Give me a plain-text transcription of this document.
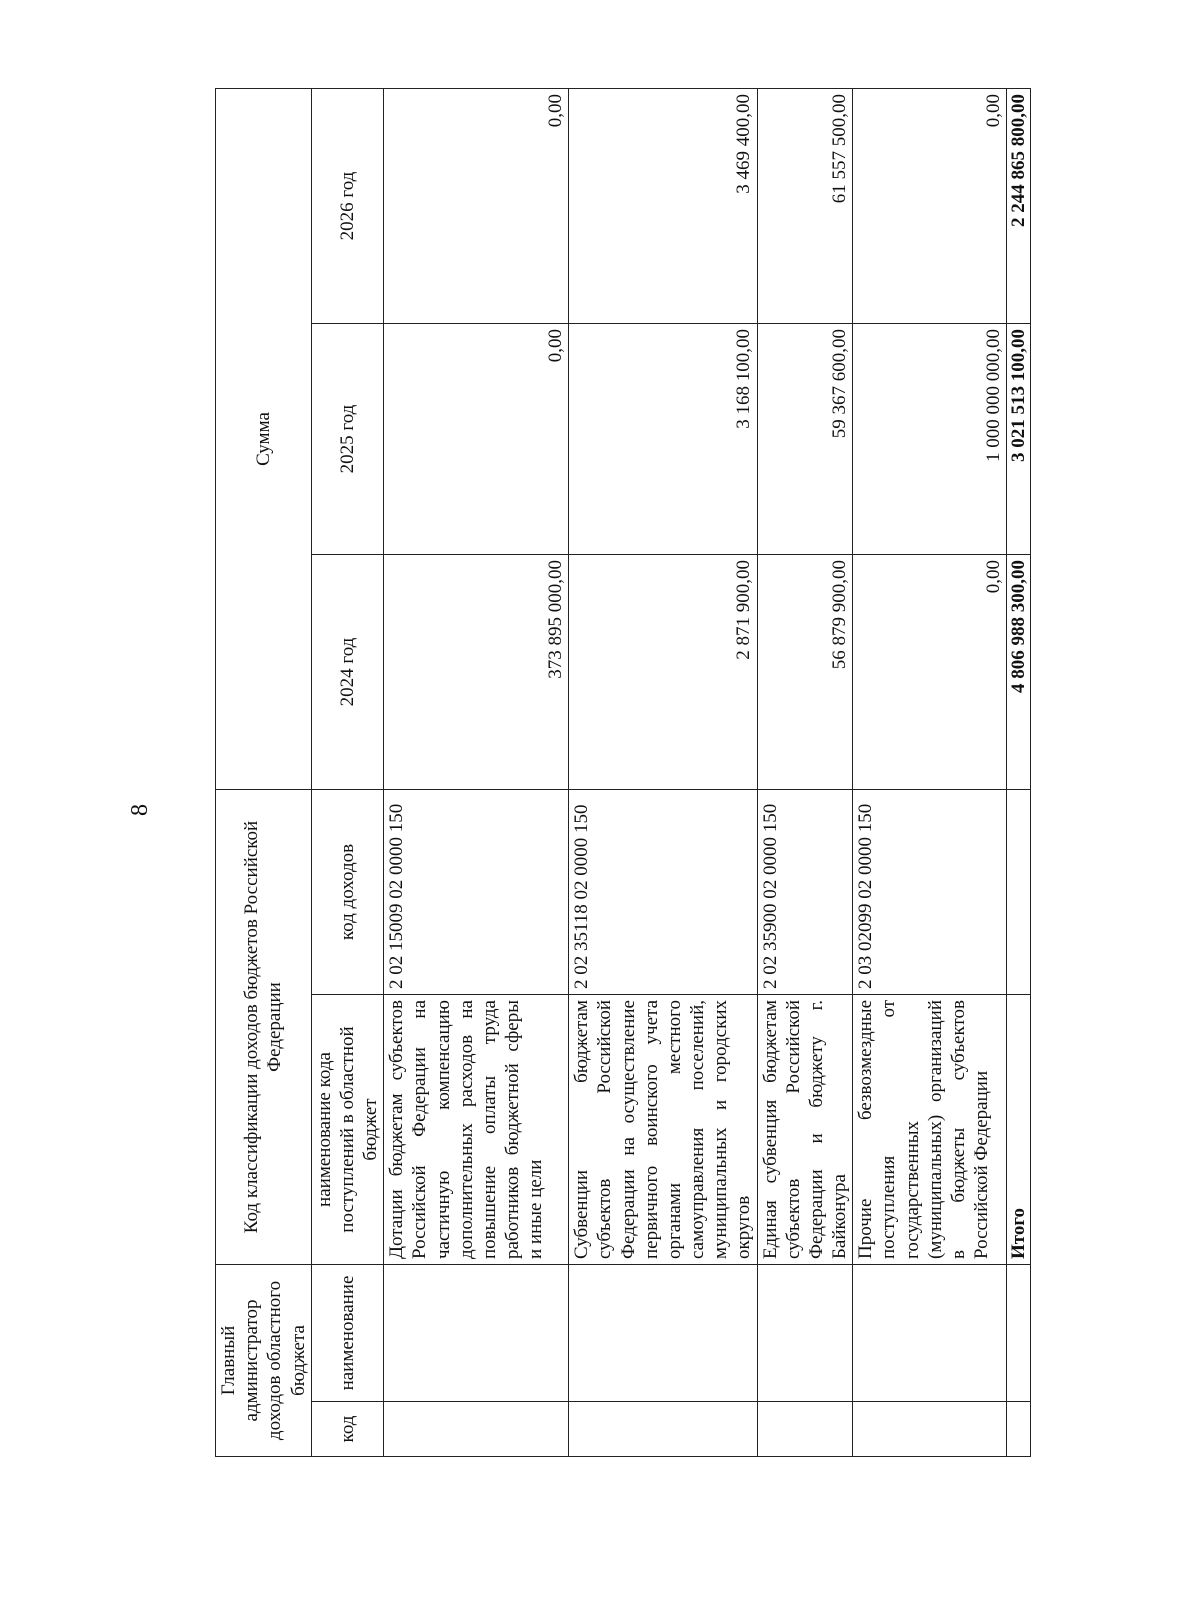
8
Главный администратор доходов областного бюджета		Код классификации доходов бюджетов Российской Федерации		Сумма		
код	наименование	наименование кода поступлений в областной бюджет	код доходов	2024 год	2025 год	2026 год
		Дотации бюджетам субъектов Российской Федерации на частичную компенсацию дополнительных расходов на повышение оплаты труда работников бюджетной сферы и иные цели	2 02 15009 02 0000 150	373 895 000,00	0,00	0,00
		Субвенции бюджетам субъектов Российской Федерации на осуществление первичного воинского учета органами местного самоуправления поселений, муниципальных и городских округов	2 02 35118 02 0000 150	2 871 900,00	3 168 100,00	3 469 400,00
		Единая субвенция бюджетам субъектов Российской Федерации и бюджету г. Байконура	2 02 35900 02 0000 150	56 879 900,00	59 367 600,00	61 557 500,00
		Прочие безвозмездные поступления от государственных (муниципальных) организаций в бюджеты субъектов Российской Федерации	2 03 02099 02 0000 150	0,00	1 000 000 000,00	0,00
		Итого		4 806 988 300,00	3 021 513 100,00	2 244 865 800,00
